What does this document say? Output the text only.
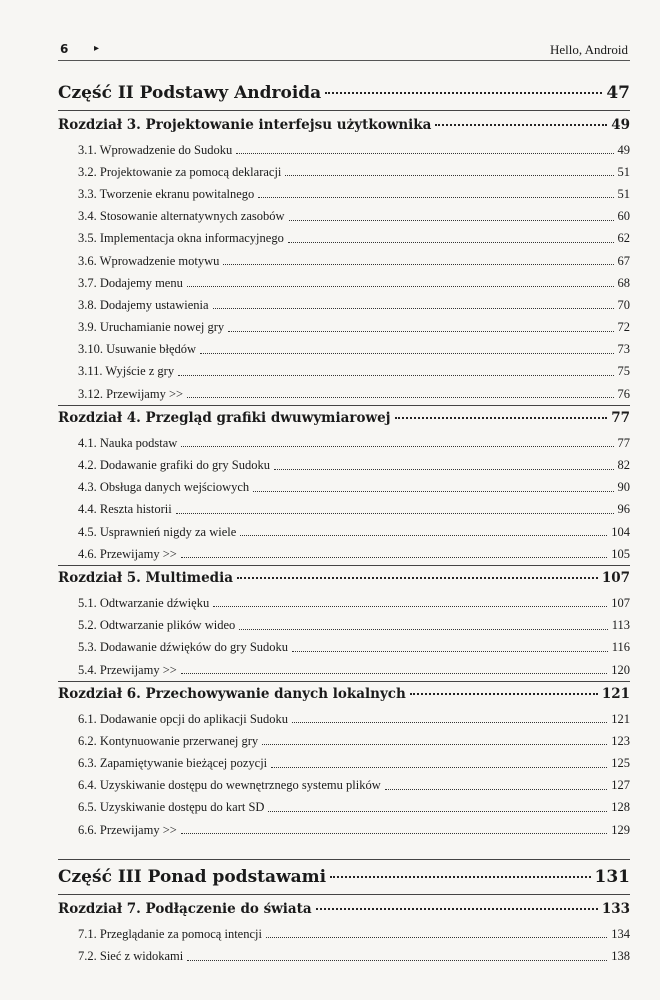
6	▸	Hello, Android
Część II Podstawy Androida	47
Rozdział 3. Projektowanie interfejsu użytkownika	49
3.1. Wprowadzenie do Sudoku	49
3.2. Projektowanie za pomocą deklaracji	51
3.3. Tworzenie ekranu powitalnego	51
3.4. Stosowanie alternatywnych zasobów	60
3.5. Implementacja okna informacyjnego	62
3.6. Wprowadzenie motywu	67
3.7. Dodajemy menu	68
3.8. Dodajemy ustawienia	70
3.9. Uruchamianie nowej gry	72
3.10. Usuwanie błędów	73
3.11. Wyjście z gry	75
3.12. Przewijamy >>	76
Rozdział 4. Przegląd grafiki dwuwymiarowej	77
4.1. Nauka podstaw	77
4.2. Dodawanie grafiki do gry Sudoku	82
4.3. Obsługa danych wejściowych	90
4.4. Reszta historii	96
4.5. Usprawnień nigdy za wiele	104
4.6. Przewijamy >>	105
Rozdział 5. Multimedia	107
5.1. Odtwarzanie dźwięku	107
5.2. Odtwarzanie plików wideo	113
5.3. Dodawanie dźwięków do gry Sudoku	116
5.4. Przewijamy >>	120
Rozdział 6. Przechowywanie danych lokalnych	121
6.1. Dodawanie opcji do aplikacji Sudoku	121
6.2. Kontynuowanie przerwanej gry	123
6.3. Zapamiętywanie bieżącej pozycji	125
6.4. Uzyskiwanie dostępu do wewnętrznego systemu plików	127
6.5. Uzyskiwanie dostępu do kart SD	128
6.6. Przewijamy >>	129
Część III Ponad podstawami	131
Rozdział 7. Podłączenie do świata	133
7.1. Przeglądanie za pomocą intencji	134
7.2. Sieć z widokami	138
